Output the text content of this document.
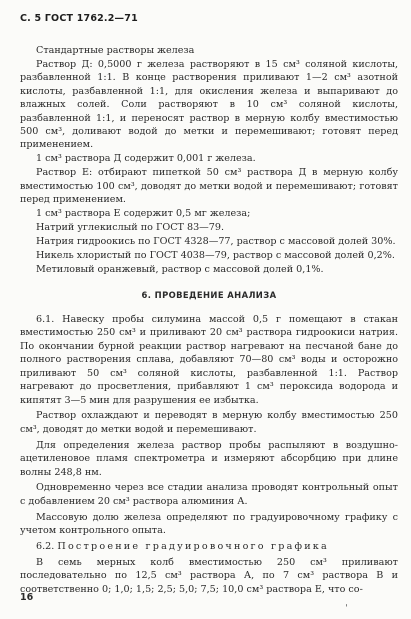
С. 5 ГОСТ 1762.2—71

Стандартные растворы железа

Раствор Д: 0,5000 г железа растворяют в 15 см³ соляной кислоты, разбавленной 1:1. В конце растворения приливают 1—2 см³ азотной кислоты, разбавленной 1:1, для окисления железа и выпаривают до влажных солей. Соли растворяют в 10 см³ соляной кислоты, разбавленной 1:1, и переносят раствор в мерную колбу вместимостью 500 см³, доливают водой до метки и перемешивают; готовят перед применением.

1 см³ раствора Д содержит 0,001 г железа.

Раствор Е: отбирают пипеткой 50 см³ раствора Д в мерную колбу вместимостью 100 см³, доводят до метки водой и перемешивают; готовят перед применением.

1 см³ раствора Е содержит 0,5 мг железа;

Натрий углекислый по ГОСТ 83—79.

Натрия гидроокись по ГОСТ 4328—77, раствор с массовой долей 30%.

Никель хлористый по ГОСТ 4038—79, раствор с массовой долей 0,2%.

Метиловый оранжевый, раствор с массовой долей 0,1%.

6. ПРОВЕДЕНИЕ АНАЛИЗА

6.1. Навеску пробы силумина массой 0,5 г помещают в стакан вместимостью 250 см³ и приливают 20 см³ раствора гидроокиси натрия. По окончании бурной реакции раствор нагревают на песчаной бане до полного растворения сплава, добавляют 70—80 см³ воды и осторожно приливают 50 см³ соляной кислоты, разбавленной 1:1. Раствор нагревают до просветления, прибавляют 1 см³ пероксида водорода и кипятят 3—5 мин для разрушения ее избытка.

Раствор охлаждают и переводят в мерную колбу вместимостью 250 см³, доводят до метки водой и перемешивают.

Для определения железа раствор пробы распыляют в воздушно-ацетиленовое пламя спектрометра и измеряют абсорбцию при длине волны 248,8 нм.

Одновременно через все стадии анализа проводят контрольный опыт с добавлением 20 см³ раствора алюминия А.

Массовую долю железа определяют по градуировочному графику с учетом контрольного опыта.

6.2. Построение градуировочного графика

В семь мерных колб вместимостью 250 см³ приливают последовательно по 12,5 см³ раствора А, по 7 см³ раствора В и соответственно 0; 1,0; 1,5; 2,5; 5,0; 7,5; 10,0 см³ раствора Е, что со-

16	ˌ
